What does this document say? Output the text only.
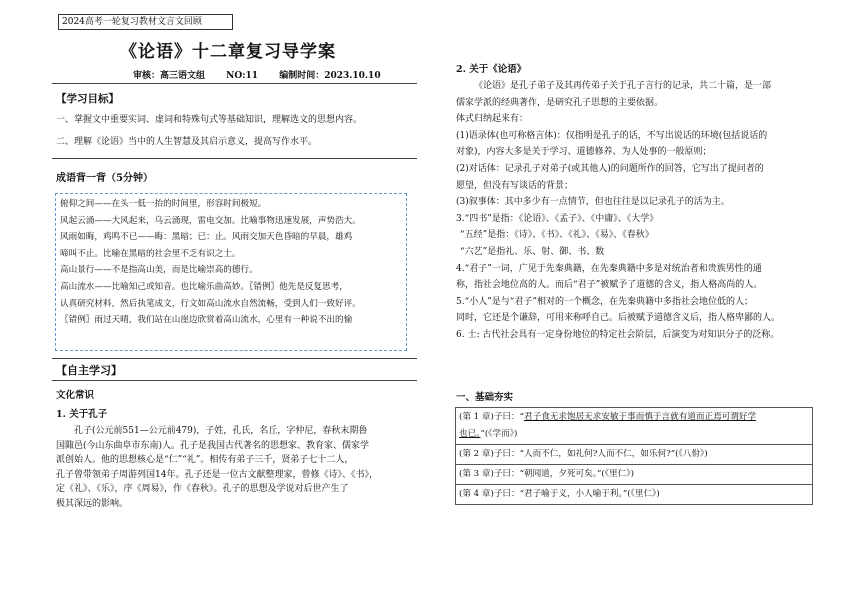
2024高考一轮复习教材文言文回顾
《论语》十二章复习导学案
审核：高三语文组 NO:11 编制时间：2023.10.10
【学习目标】
一、掌握文中重要实词、虚词和特殊句式等基础知识，理解选文的思想内容。
二、理解《论语》当中的人生智慧及其启示意义，提高写作水平。
成语背一背（5分钟）
俯仰之间——在头一低一抬的时间里，形容时间极短。
风起云涌——大风起来，乌云涌现，雷电交加。比喻事物迅速发展，声势浩大。
风雨如晦，鸡鸣不已——晦：黑暗；已：止。风雨交加天色昏暗的早晨，雄鸡
啼叫不止。比喻在黑暗的社会里不乏有识之士。
高山景行——不是指高山美，而是比喻崇高的德行。
高山流水——比喻知己或知音。也比喻乐曲高妙。〖错例〗他先是反复思考，
认真研究材料，然后执笔成文，行文如高山流水自然流畅，受到人们一致好评。
〖错例〗雨过天晴，我们站在山崖边欣赏着高山流水，心里有一种说不出的愉
【自主学习】
文化常识
1. 关于孔子
孔子(公元前551—公元前479)，子姓，孔氏，名丘，字仲尼，春秋末期鲁
国陬邑(今山东曲阜市东南)人。孔子是我国古代著名的思想家、教育家、儒家学
派创始人。他的思想核心是“仁”“礼”。相传有弟子三千，贤弟子七十二人，
孔子曾带领弟子周游列国14年。孔子还是一位古文献整理家，曾修《诗》、《书》，
定《礼》、《乐》，序《周易》，作《春秋》。孔子的思想及学说对后世产生了
极其深远的影响。
2. 关于《论语》
《论语》是孔子弟子及其再传弟子关于孔子言行的记录，共二十篇，是一部
儒家学派的经典著作，是研究孔子思想的主要依据。
体式归纳起来有：
(1)语录体(也可称格言体)：仅指明是孔子的话，不写出说话的环境(包括说话的
对象)，内容大多是关于学习、道德修养、为人处事的一般原则；
(2)对话体：记录孔子对弟子(或其他人)的问题所作的回答，它写出了提问者的
愿望，但没有写谈话的背景；
(3)叙事体：其中多少有一点情节，但也往往是以记录孔子的活为主。
3.“四书”是指：《论语》、《孟子》、《中庸》、《大学》
“五经”是指：《诗》、《书》、《礼》、《易》、《春秋》
“六艺”是指礼、乐、射、御、书、数
4.“君子”一词，广见于先秦典籍，在先秦典籍中多是对统治者和贵族男性的通
称，指社会地位高的人。而后“君子”被赋予了道德的含义，指人格高尚的人。
5.“小人”是与“君子”相对的一个概念，在先秦典籍中多指社会地位低的人；
同时，它还是个谦辞，可用来称呼自己。后被赋予道德含义后，指人格卑鄙的人。
6. 士: 古代社会具有一定身份地位的特定社会阶层，后演变为对知识分子的泛称。
一、基础夯实
(第 1 章)子曰：“君子食无求饱居无求安敏于事而慎于言就有道而正焉可谓好学
也已。”(《学而》)
(第 2 章)子曰：“人而不仁，如礼何?人而不仁，如乐何?”(《八佾》)
(第 3 章)子曰：“朝闻道，夕死可矣。”(《里仁》)
(第 4 章)子曰：“君子喻于义，小人喻于利。”(《里仁》)
